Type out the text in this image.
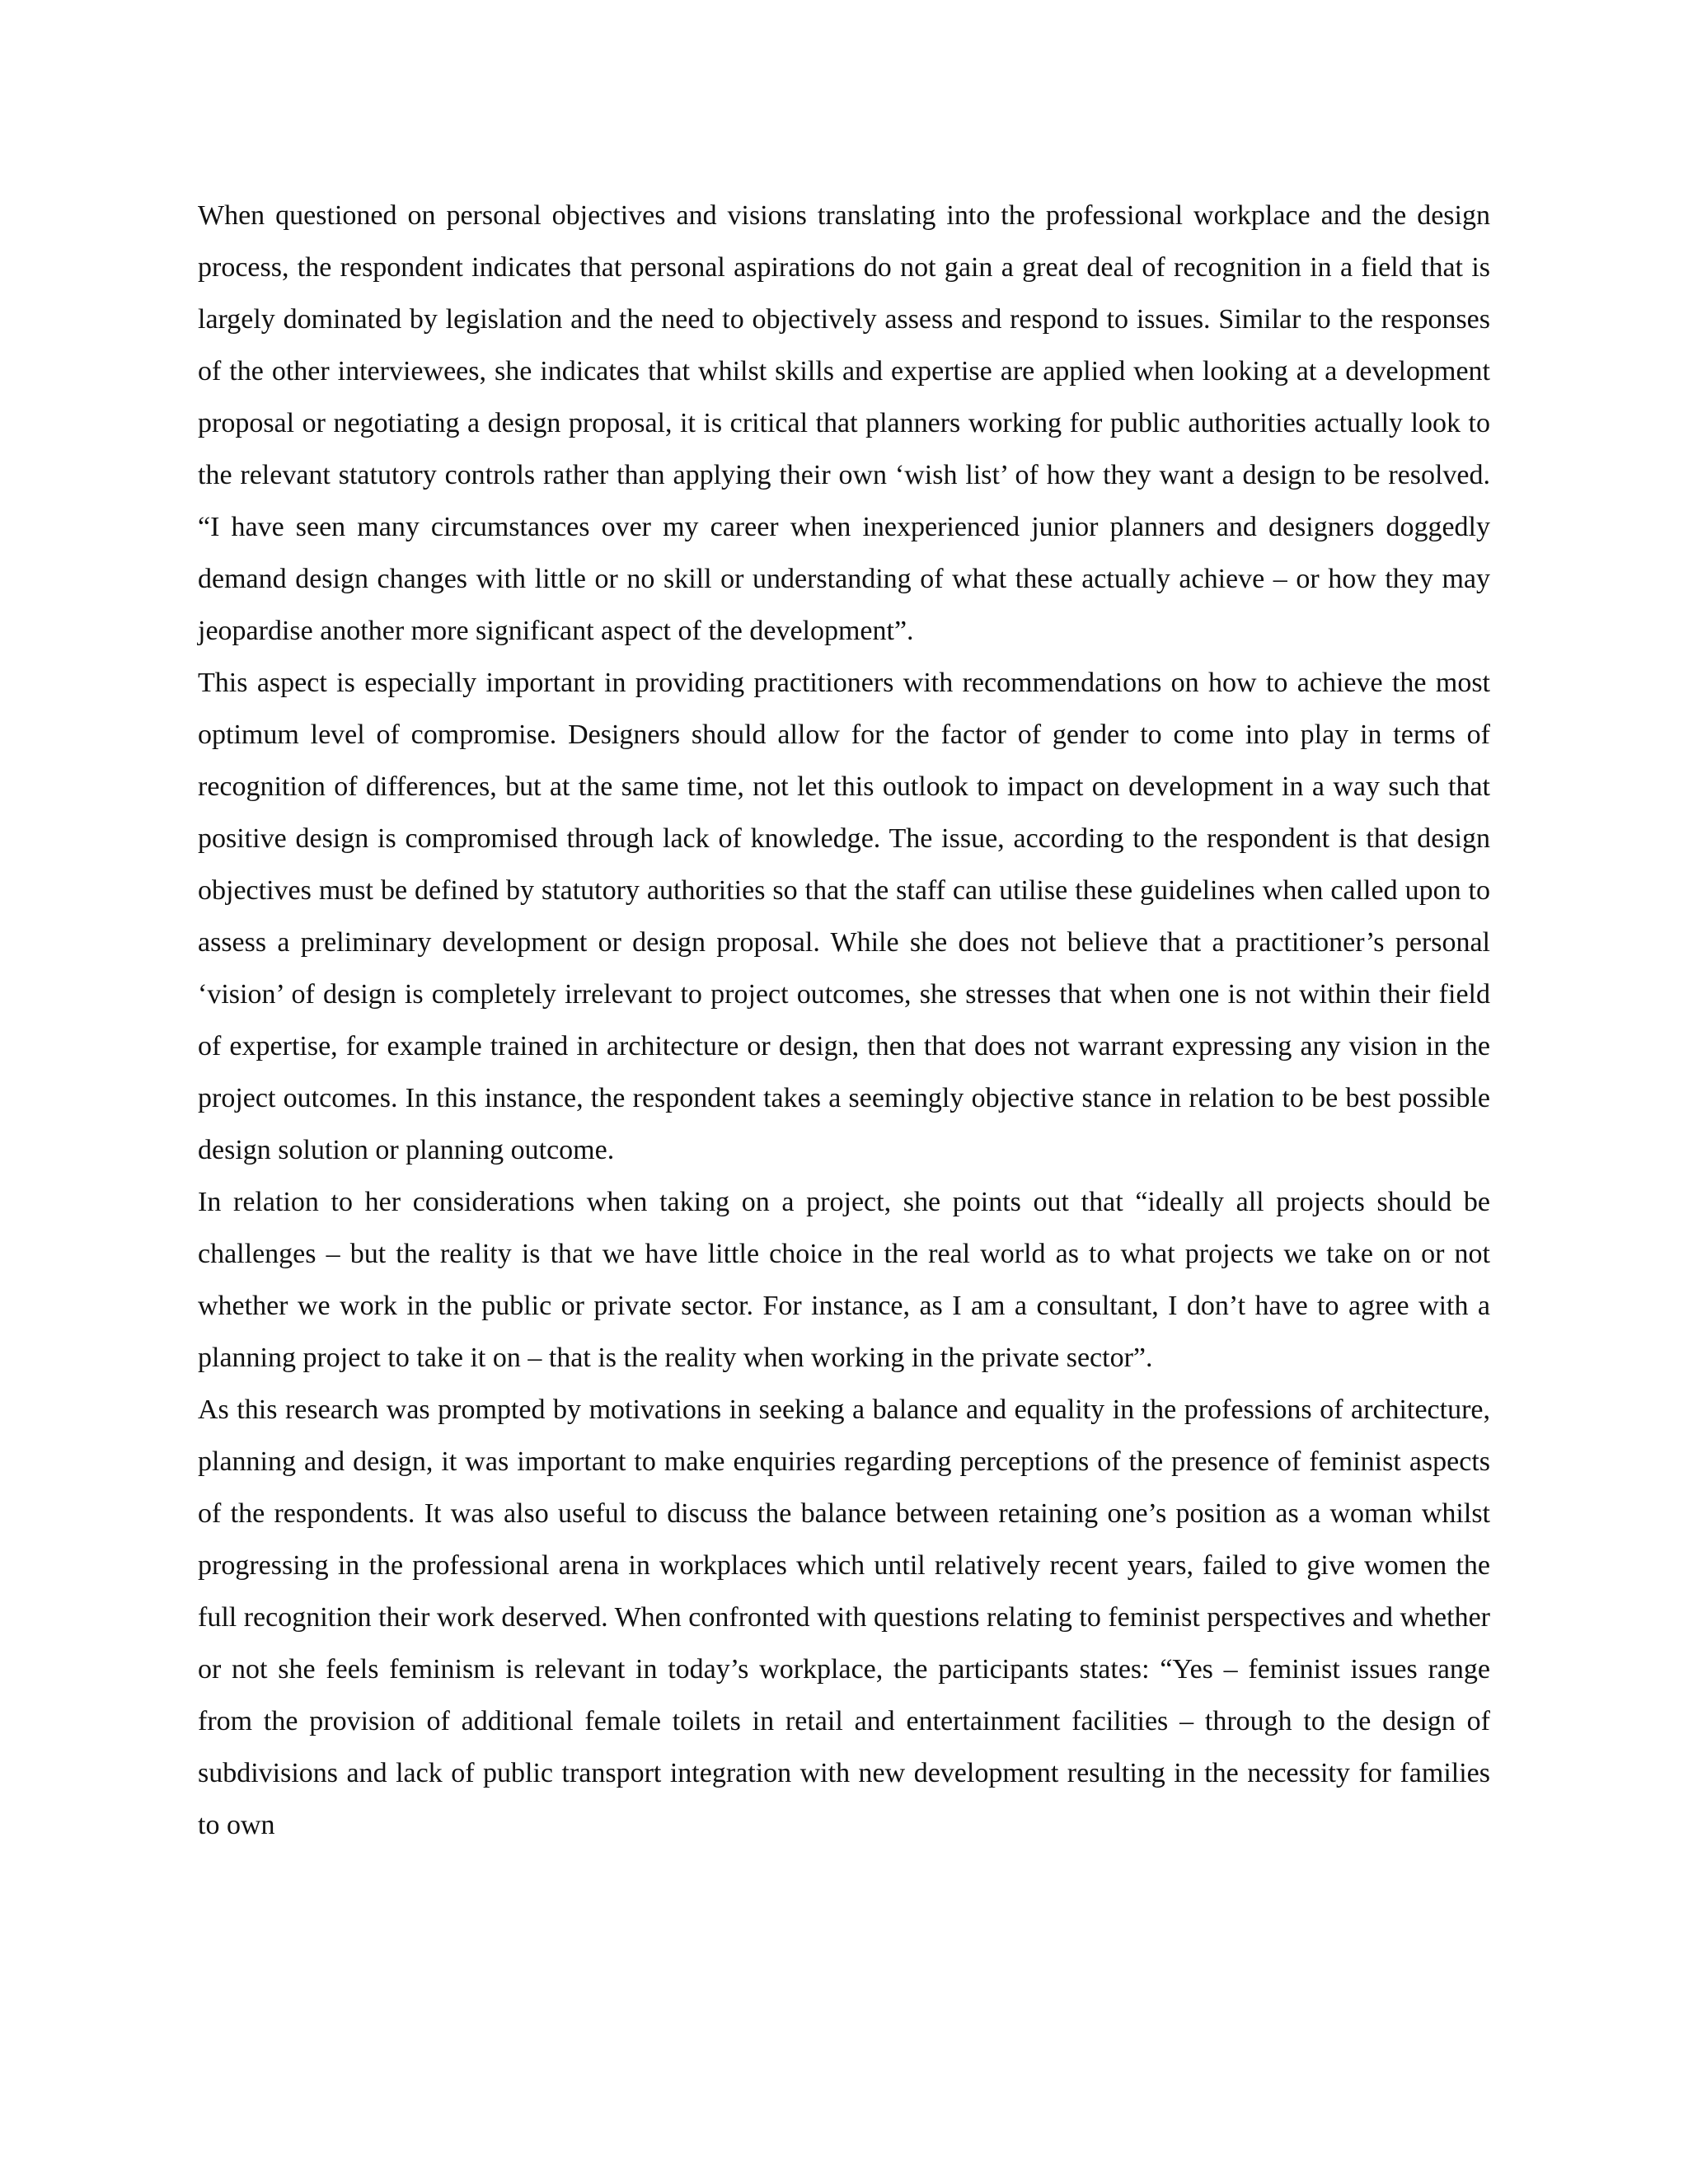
When questioned on personal objectives and visions translating into the professional workplace and the design process, the respondent indicates that personal aspirations do not gain a great deal of recognition in a field that is largely dominated by legislation and the need to objectively assess and respond to issues. Similar to the responses of the other interviewees, she indicates that whilst skills and expertise are applied when looking at a development proposal or negotiating a design proposal, it is critical that planners working for public authorities actually look to the relevant statutory controls rather than applying their own ‘wish list’ of how they want a design to be resolved. “I have seen many circumstances over my career when inexperienced junior planners and designers doggedly demand design changes with little or no skill or understanding of what these actually achieve – or how they may jeopardise another more significant aspect of the development”.

This aspect is especially important in providing practitioners with recommendations on how to achieve the most optimum level of compromise. Designers should allow for the factor of gender to come into play in terms of recognition of differences, but at the same time, not let this outlook to impact on development in a way such that positive design is compromised through lack of knowledge. The issue, according to the respondent is that design objectives must be defined by statutory authorities so that the staff can utilise these guidelines when called upon to assess a preliminary development or design proposal. While she does not believe that a practitioner’s personal ‘vision’ of design is completely irrelevant to project outcomes, she stresses that when one is not within their field of expertise, for example trained in architecture or design, then that does not warrant expressing any vision in the project outcomes. In this instance, the respondent takes a seemingly objective stance in relation to be best possible design solution or planning outcome.

In relation to her considerations when taking on a project, she points out that “ideally all projects should be challenges – but the reality is that we have little choice in the real world as to what projects we take on or not whether we work in the public or private sector. For instance, as I am a consultant, I don’t have to agree with a planning project to take it on – that is the reality when working in the private sector”.

As this research was prompted by motivations in seeking a balance and equality in the professions of architecture, planning and design, it was important to make enquiries regarding perceptions of the presence of feminist aspects of the respondents. It was also useful to discuss the balance between retaining one’s position as a woman whilst progressing in the professional arena in workplaces which until relatively recent years, failed to give women the full recognition their work deserved. When confronted with questions relating to feminist perspectives and whether or not she feels feminism is relevant in today’s workplace, the participants states: “Yes – feminist issues range from the provision of additional female toilets in retail and entertainment facilities – through to the design of subdivisions and lack of public transport integration with new development resulting in the necessity for families to own
